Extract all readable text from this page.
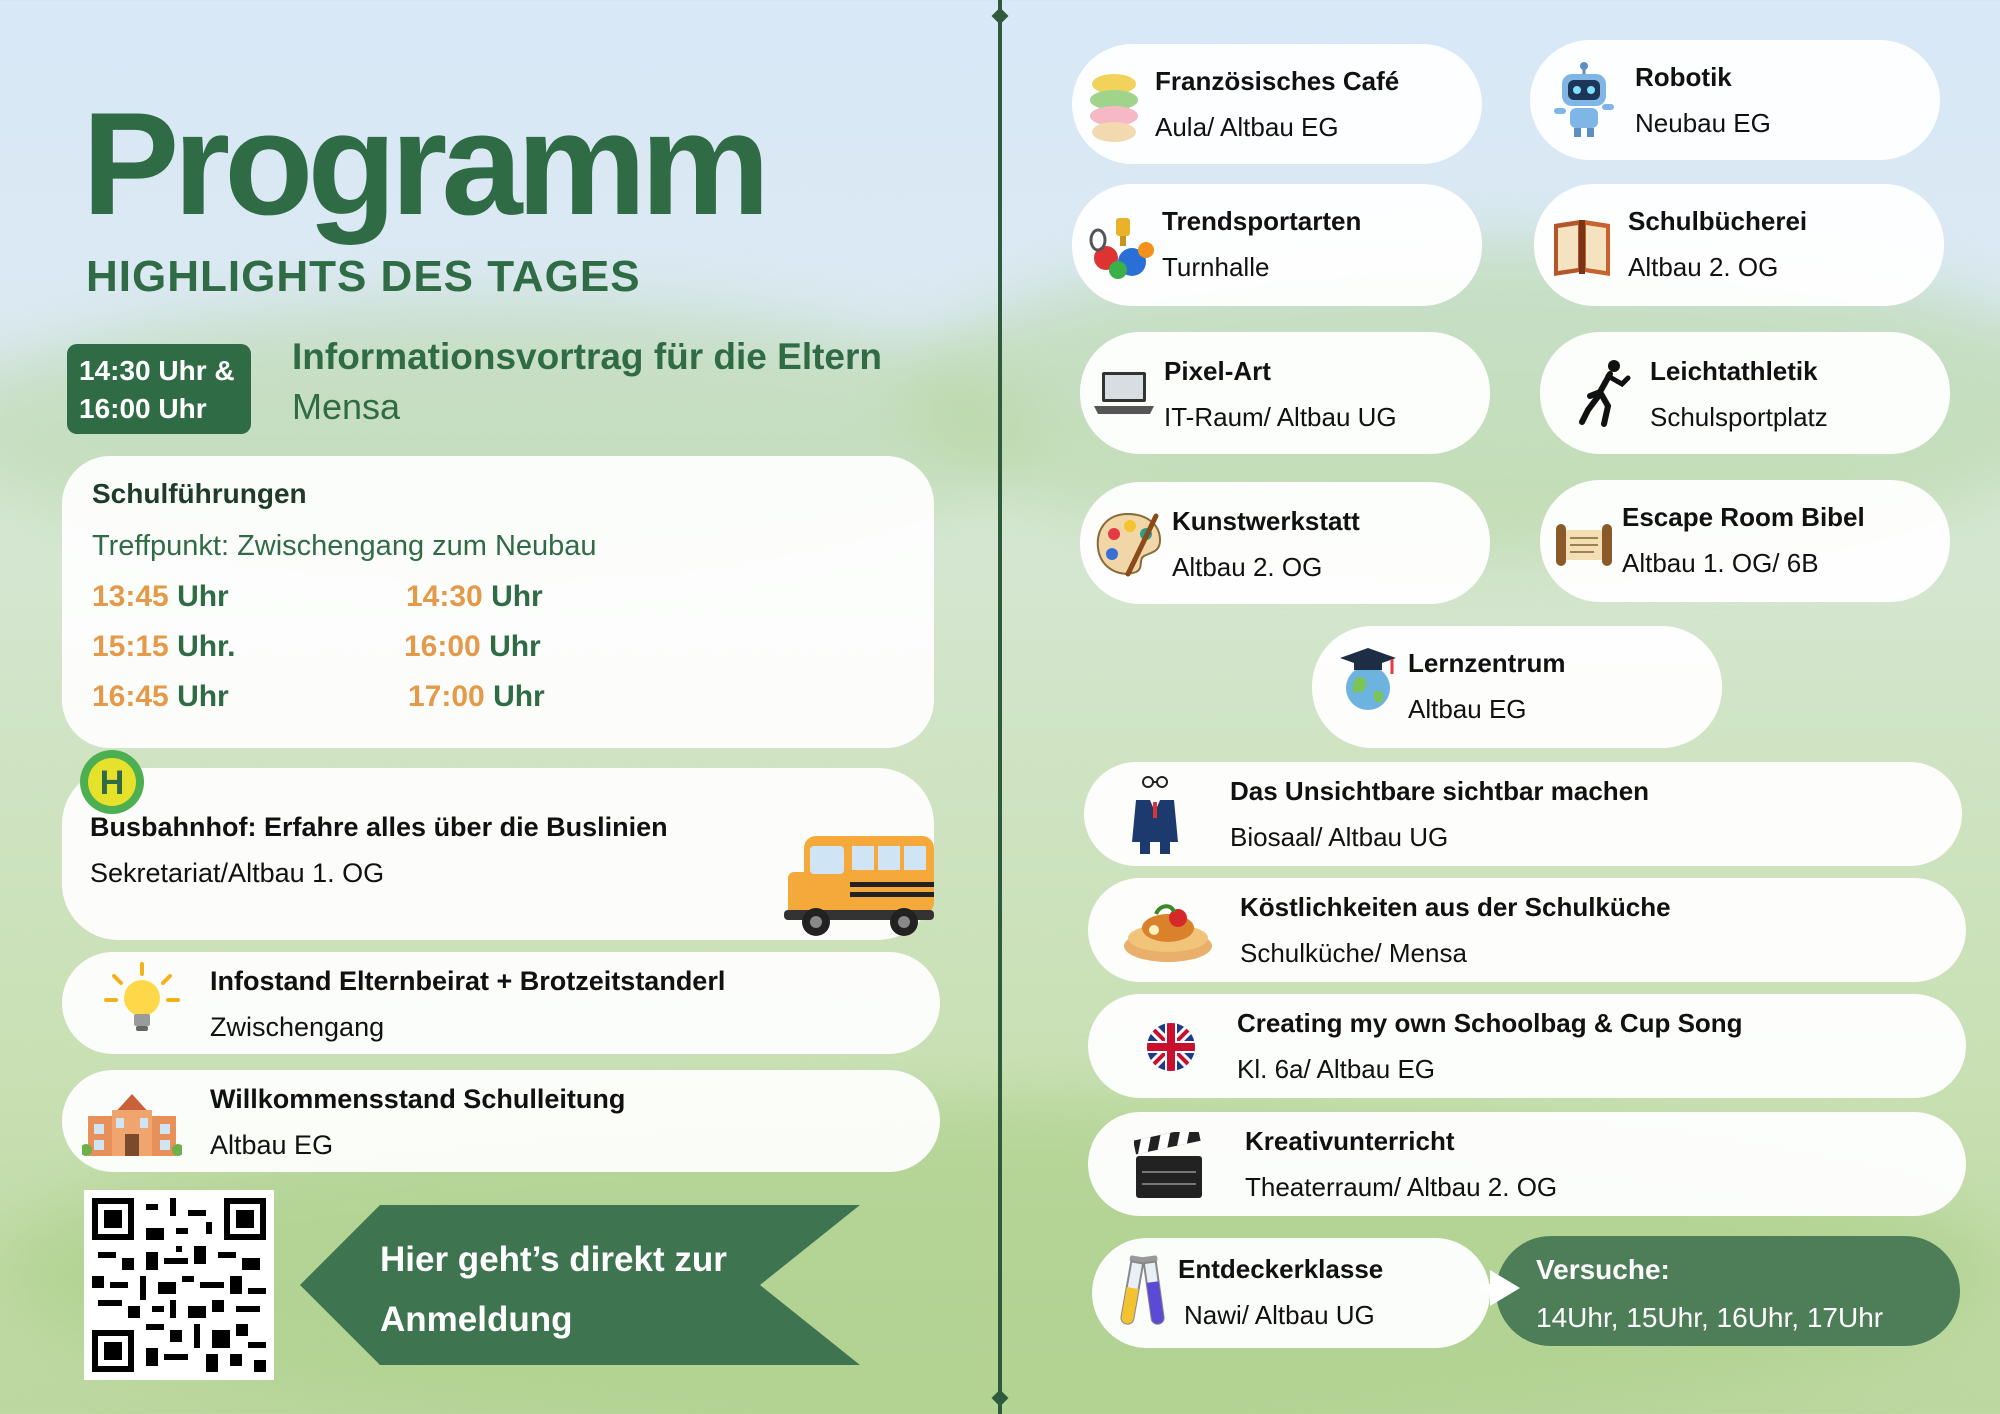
Programm
HIGHLIGHTS DES TAGES
14:30 Uhr &
16:00 Uhr
Informationsvortrag für die Eltern
Mensa
Schulführungen
Treffpunkt: Zwischengang zum Neubau
13:45 Uhr	14:30 Uhr
15:15 Uhr.	16:00 Uhr
16:45 Uhr	17:00 Uhr
H
Busbahnhof: Erfahre alles über die Buslinien
Sekretariat/Altbau 1. OG
Infostand Elternbeirat + Brotzeitstanderl
Zwischengang
Willkommensstand Schulleitung
Altbau EG
Hier geht’s direkt zur
Anmeldung
Französisches Café
Aula/ Altbau EG
Robotik
Neubau EG
Trendsportarten
Turnhalle
Schulbücherei
Altbau 2. OG
Pixel-Art
IT-Raum/ Altbau UG
Leichtathletik
Schulsportplatz
Kunstwerkstatt
Altbau 2. OG
Escape Room Bibel
Altbau 1. OG/ 6B
Lernzentrum
Altbau EG
Das Unsichtbare sichtbar machen
Biosaal/ Altbau UG
Köstlichkeiten aus der Schulküche
Schulküche/ Mensa
Creating my own Schoolbag & Cup Song
Kl. 6a/ Altbau EG
Kreativunterricht
Theaterraum/ Altbau 2. OG
Entdeckerklasse
Nawi/ Altbau UG
Versuche:
14Uhr, 15Uhr, 16Uhr, 17Uhr
